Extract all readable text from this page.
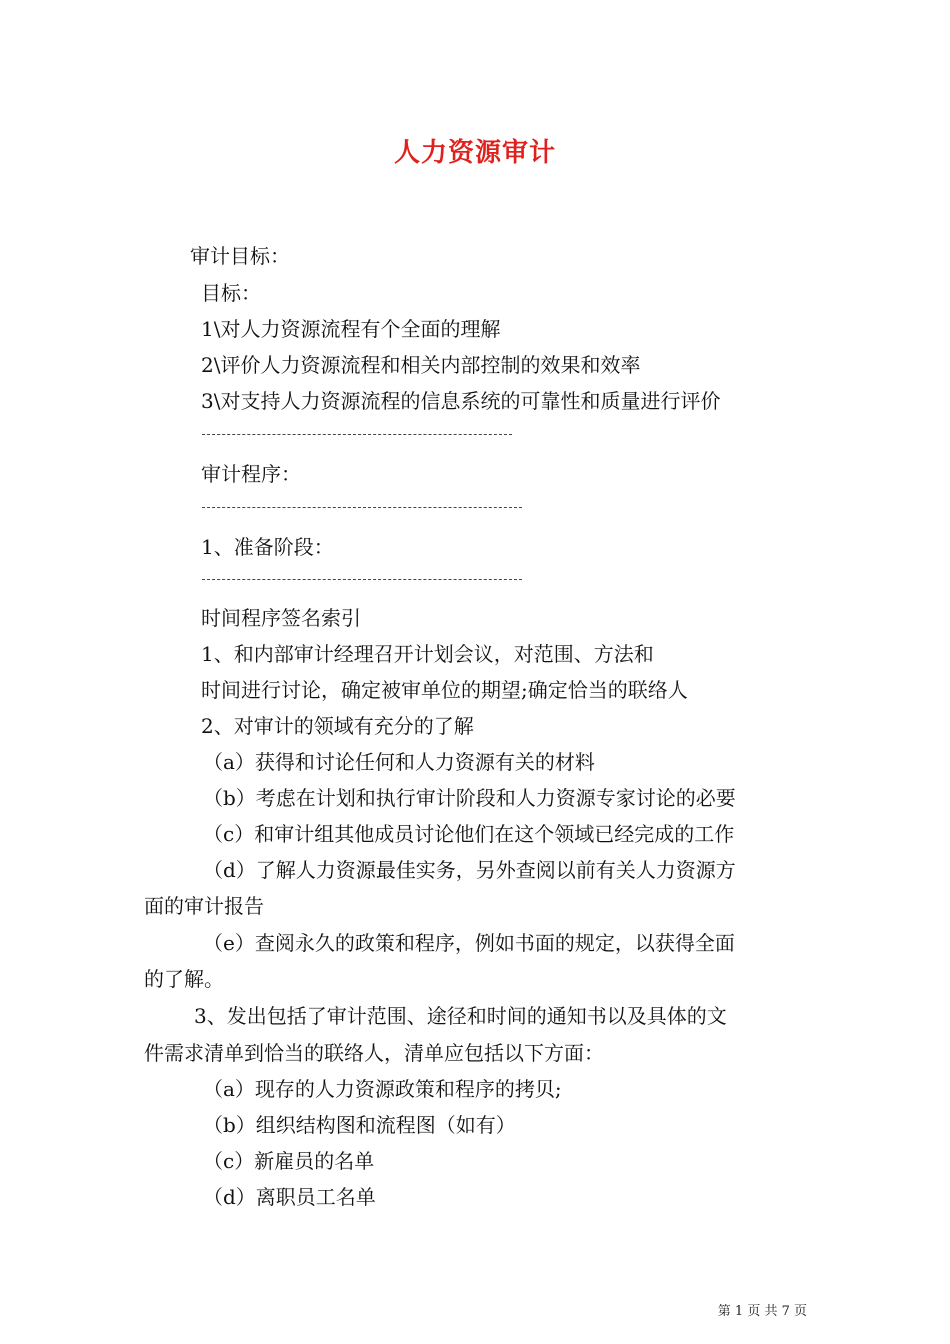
人力资源审计
审计目标：
目标：
1\对人力资源流程有个全面的理解
2\评价人力资源流程和相关内部控制的效果和效率
3\对支持人力资源流程的信息系统的可靠性和质量进行评价
审计程序：
1、准备阶段：
时间程序签名索引
1、和内部审计经理召开计划会议，对范围、方法和
时间进行讨论，确定被审单位的期望;确定恰当的联络人
2、对审计的领域有充分的了解
（a）获得和讨论任何和人力资源有关的材料
（b）考虑在计划和执行审计阶段和人力资源专家讨论的必要
（c）和审计组其他成员讨论他们在这个领域已经完成的工作
（d）了解人力资源最佳实务，另外查阅以前有关人力资源方
面的审计报告
（e）查阅永久的政策和程序，例如书面的规定，以获得全面
的了解。
3、发出包括了审计范围、途径和时间的通知书以及具体的文
件需求清单到恰当的联络人，清单应包括以下方面：
（a）现存的人力资源政策和程序的拷贝;
（b）组织结构图和流程图（如有）
（c）新雇员的名单
（d）离职员工名单
第 1 页 共 7 页
